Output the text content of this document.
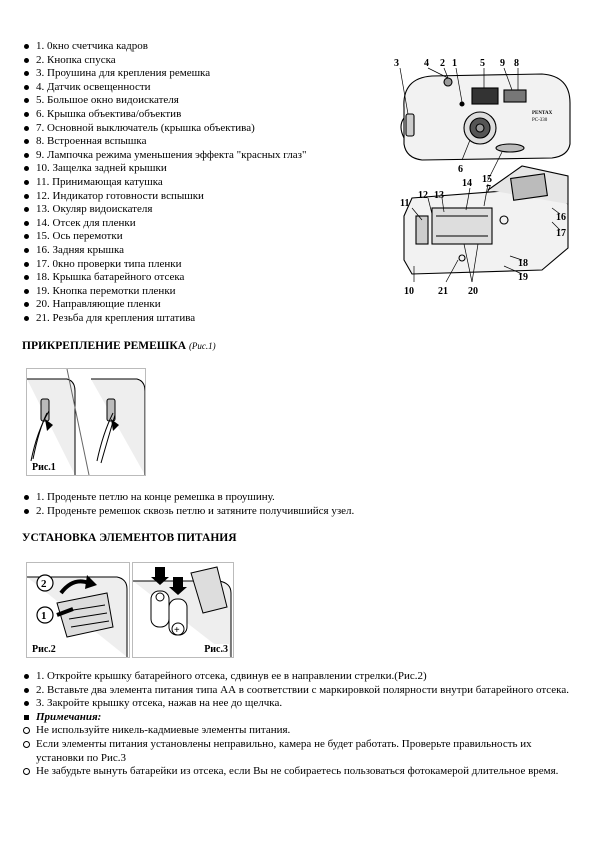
1. 0кно счетчика кадров
2. Кнопка спуска
3. Проушина для крепления ремешка
4. Датчик освещенности
5. Большое окно видоискателя
6. Крышка объектива/объектив
7. Основной выключатель (крышка объектива)
8. Встроенная вспышка
9. Лампочка режима уменьшения эффекта "красных глаз"
10. Защелка задней крышки
11. Принимающая катушка
12. Индикатор готовности вспышки
13. Окуляр видоискателя
14. Отсек для пленки
15. Ось перемотки
16. Задняя крышка
17. 0кно проверки типа пленки
18. Крышка батарейного отсека
19. Кнопка перемотки пленки
20. Направляющие пленки
21. Резьба для крепления штатива
PENTAX
PC-330
3	4 2 1 5 9 8
6
7
11
12 13
14 15
16
17
18
19
10 21 20
ПРИКРЕПЛЕНИЕ РЕМЕШКА (Рис.1)
Рис.1
1. Проденьте петлю на конце ремешка в проушину.
2. Проденьте ремешок сквозь петлю и затяните получившийся узел.
УСТАНОВКА ЭЛЕМЕНТОВ ПИТАНИЯ
2
1
Рис.2
+
Рис.3
1. Откройте крышку батарейного отсека, сдвинув ее в направлении стрелки.(Рис.2)
2. Вставьте два элемента питания типа АА в соответствии с маркировкой полярности внутри батарейного отсека.
3. Закройте крышку отсека, нажав на нее до щелчка.
Примечания:
Не используйте никель-кадмиевые элементы питания.
Если элементы питания установлены неправильно, камера не будет работать. Проверьте правильность их установки по Рис.3
Не забудьте вынуть батарейки из отсека, если Вы не собираетесь пользоваться фотокамерой длительное время.
